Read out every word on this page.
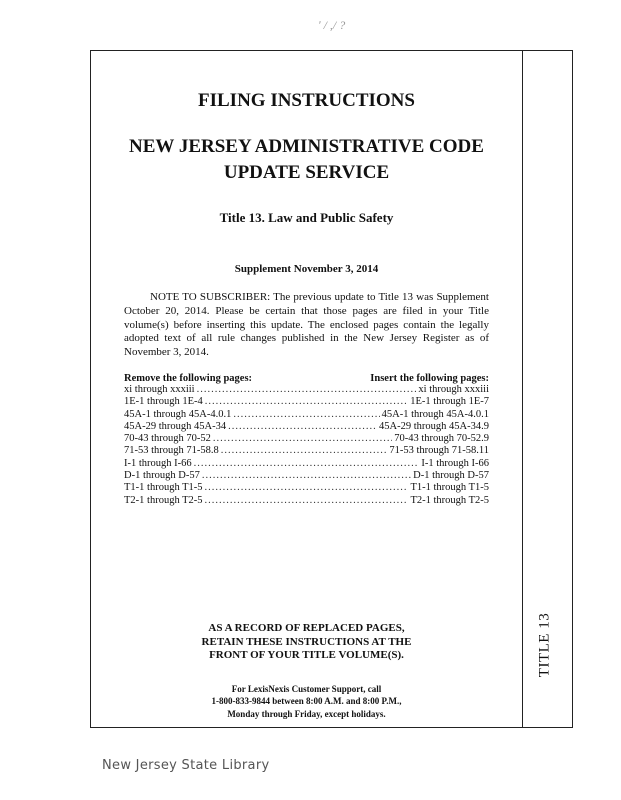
TITLE 13
ʹ / ,/ ?
FILING INSTRUCTIONS
NEW JERSEY ADMINISTRATIVE CODE
UPDATE SERVICE
Title 13. Law and Public Safety
Supplement November 3, 2014
NOTE TO SUBSCRIBER: The previous update to Title 13 was Supplement October 20, 2014. Please be certain that those pages are filed in your Title volume(s) before inserting this update. The enclosed pages contain the legally adopted text of all rule changes published in the New Jersey Register as of November 3, 2014.
Remove the following pages:	Insert the following pages:
xi through xxxiii .....	xi through xxxiii
1E-1 through 1E-4 .....	1E-1 through 1E-7
45A-1 through 45A-4.0.1 .....	45A-1 through 45A-4.0.1
45A-29 through 45A-34 .....	45A-29 through 45A-34.9
70-43 through 70-52 .....	70-43 through 70-52.9
71-53 through 71-58.8 .....	71-53 through 71-58.11
I-1 through I-66 .....	I-1 through I-66
D-1 through D-57 .....	D-1 through D-57
T1-1 through T1-5 .....	T1-1 through T1-5
T2-1 through T2-5 .....	T2-1 through T2-5
AS A RECORD OF REPLACED PAGES,
RETAIN THESE INSTRUCTIONS AT THE
FRONT OF YOUR TITLE VOLUME(S).
For LexisNexis Customer Support, call
1-800-833-9844 between 8:00 A.M. and 8:00 P.M.,
Monday through Friday, except holidays.
New Jersey State Library
